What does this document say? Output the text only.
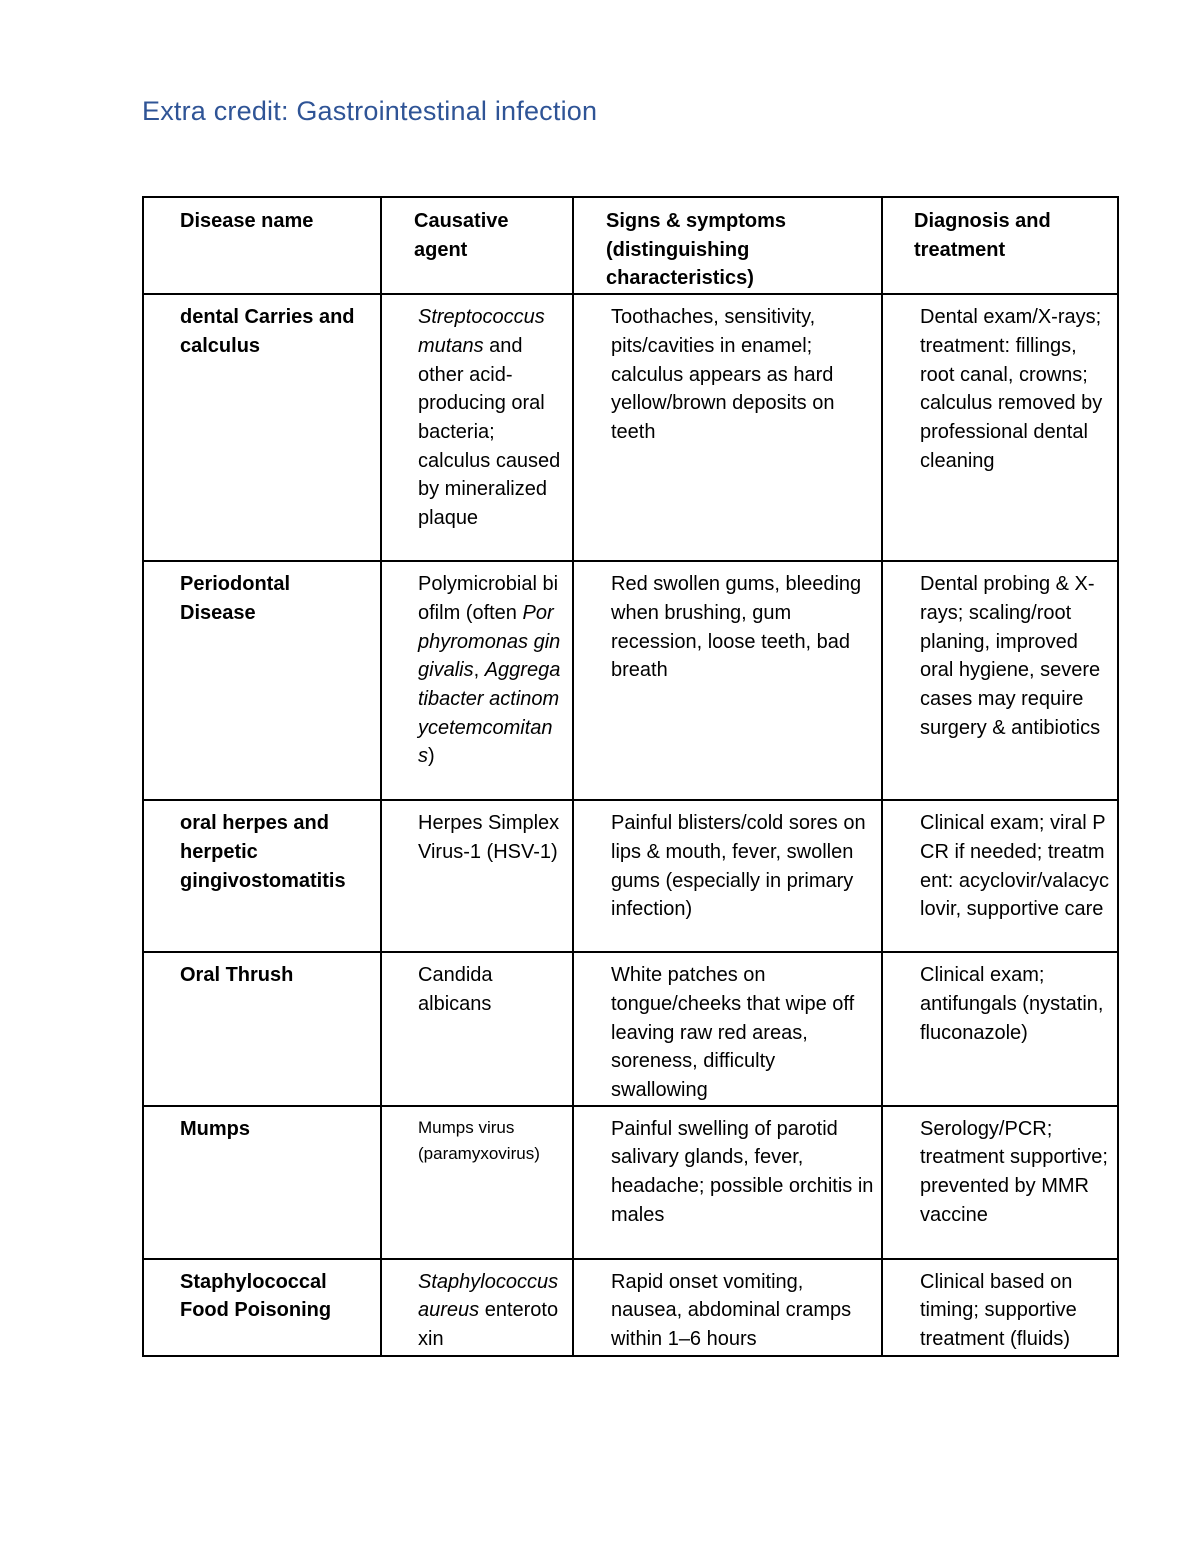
Extra credit: Gastrointestinal infection
Disease name	Causative agent	Signs & symptoms (distinguishing characteristics)	Diagnosis and treatment
dental Carries and calculus	Streptococcus mutans and other acid-producing oral bacteria; calculus caused by mineralized plaque	Toothaches, sensitivity, pits/cavities in enamel; calculus appears as hard yellow/brown deposits on teeth	Dental exam/X-rays; treatment: fillings, root canal, crowns; calculus removed by professional dental cleaning
Periodontal Disease	Polymicrobial biofilm (often Porphyromonas gingivalis, Aggregatibacter actinomycetemcomitans)	Red swollen gums, bleeding when brushing, gum recession, loose teeth, bad breath	Dental probing & X-rays; scaling/root planing, improved oral hygiene, severe cases may require surgery & antibiotics
oral herpes and herpetic gingivostomatitis	Herpes Simplex Virus-1 (HSV-1)	Painful blisters/cold sores on lips & mouth, fever, swollen gums (especially in primary infection)	Clinical exam; viral PCR if needed; treatment: acyclovir/valacyclovir, supportive care
Oral Thrush	Candida albicans	White patches on tongue/cheeks that wipe off leaving raw red areas, soreness, difficulty swallowing	Clinical exam; antifungals (nystatin, fluconazole)
Mumps	Mumps virus (paramyxovirus)	Painful swelling of parotid salivary glands, fever, headache; possible orchitis in males	Serology/PCR; treatment supportive; prevented by MMR vaccine
Staphylococcal Food Poisoning	Staphylococcus aureus enterotoxin	Rapid onset vomiting, nausea, abdominal cramps within 1–6 hours	Clinical based on timing; supportive treatment (fluids)
